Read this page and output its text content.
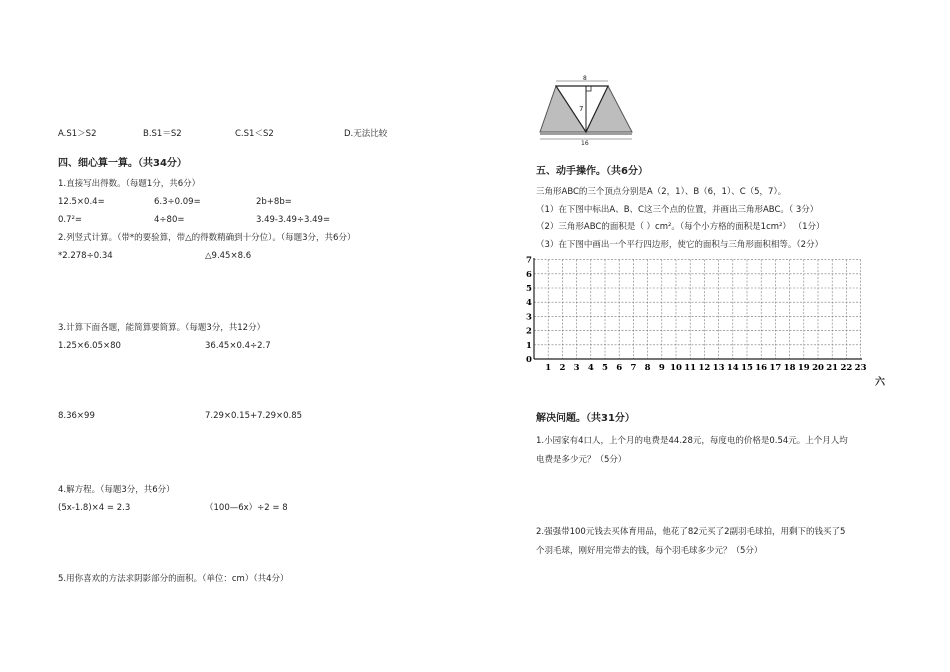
A.S1＞S2	B.S1＝S2	C.S1＜S2	D.无法比较
四、细心算一算。（共34分）
1.直接写出得数。（每题1分，共6分）
12.5×0.4=	6.3÷0.09=	2b+8b=
0.7²=	4÷80=	3.49-3.49÷3.49=
2.列竖式计算。（带*的要验算，带△的得数精确到十分位）。（每题3分，共6分）
*2.278÷0.34	△9.45×8.6
3.计算下面各题，能简算要简算。（每题3分，共12分）
1.25×6.05×80	36.45×0.4÷2.7
8.36×99	7.29×0.15+7.29×0.85
4.解方程。（每题3分，共6分）
(5x-1.8)×4 = 2.3	（100—6x）÷2 = 8
5.用你喜欢的方法求阴影部分的面积。（单位：cm）（共4分）
8
7
16
五、动手操作。（共6分）
三角形ABC的三个顶点分别是A（2，1）、B（6，1）、C（5，7）。
（1）在下图中标出A、B、C这三个点的位置，并画出三角形ABC。（ 3分）
（2）三角形ABC的面积是（ ）cm²。（每个小方格的面积是1cm²） （1分）
（3）在下图中画出一个平行四边形，使它的面积与三角形面积相等。（2分）
1 2 3 4 5 6 7 8 9 10 11 12 13 14 15 16 17 18 19 20 21 22 23
0
1
2
3
4
5
6
7
六
解决问题。（共31分）
1.小园家有4口人，上个月的电费是44.28元，每度电的价格是0.54元。上个月人均
电费是多少元？（5分）
2.强强带100元钱去买体育用品，他花了82元买了2副羽毛球拍，用剩下的钱买了5
个羽毛球，刚好用完带去的钱，每个羽毛球多少元？（5分）
